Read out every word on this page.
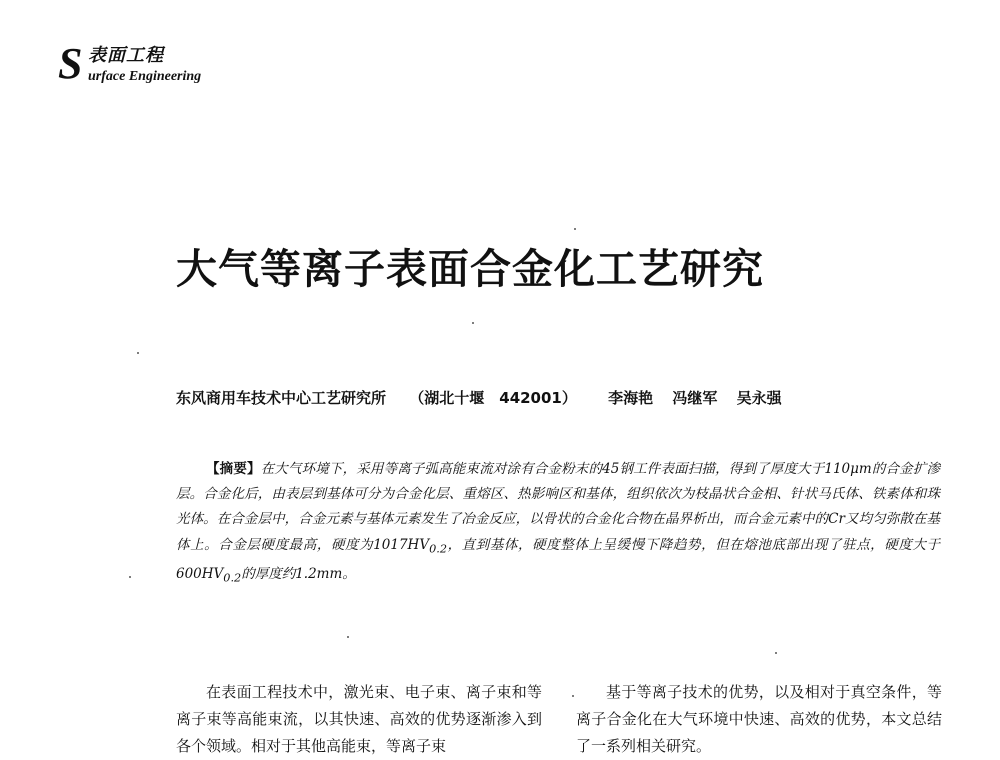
S 表面工程
urface Engineering
大气等离子表面合金化工艺研究
东风商用车技术中心工艺研究所 （湖北十堰　442001） 李海艳 冯继军 吴永强
【摘要】在大气环境下，采用等离子弧高能束流对涂有合金粉末的45钢工件表面扫描，得到了厚度大于110μm的合金扩渗层。合金化后，由表层到基体可分为合金化层、重熔区、热影响区和基体，组织依次为枝晶状合金相、针状马氏体、铁素体和珠光体。在合金层中，合金元素与基体元素发生了冶金反应，以骨状的合金化合物在晶界析出，而合金元素中的Cr又均匀弥散在基体上。合金层硬度最高，硬度为$1017HV_{0.2}$，直到基体，硬度整体上呈缓慢下降趋势，但在熔池底部出现了驻点，硬度大于$600HV_{0.2}$的厚度约1.2mm。

在表面工程技术中，激光束、电子束、离子束和等离子束等高能束流，以其快速、高效的优势逐渐渗入到各个领域。相对于其他高能束，等离子束

基于等离子技术的优势，以及相对于真空条件，等离子合金化在大气环境中快速、高效的优势，本文总结了一系列相关研究。
